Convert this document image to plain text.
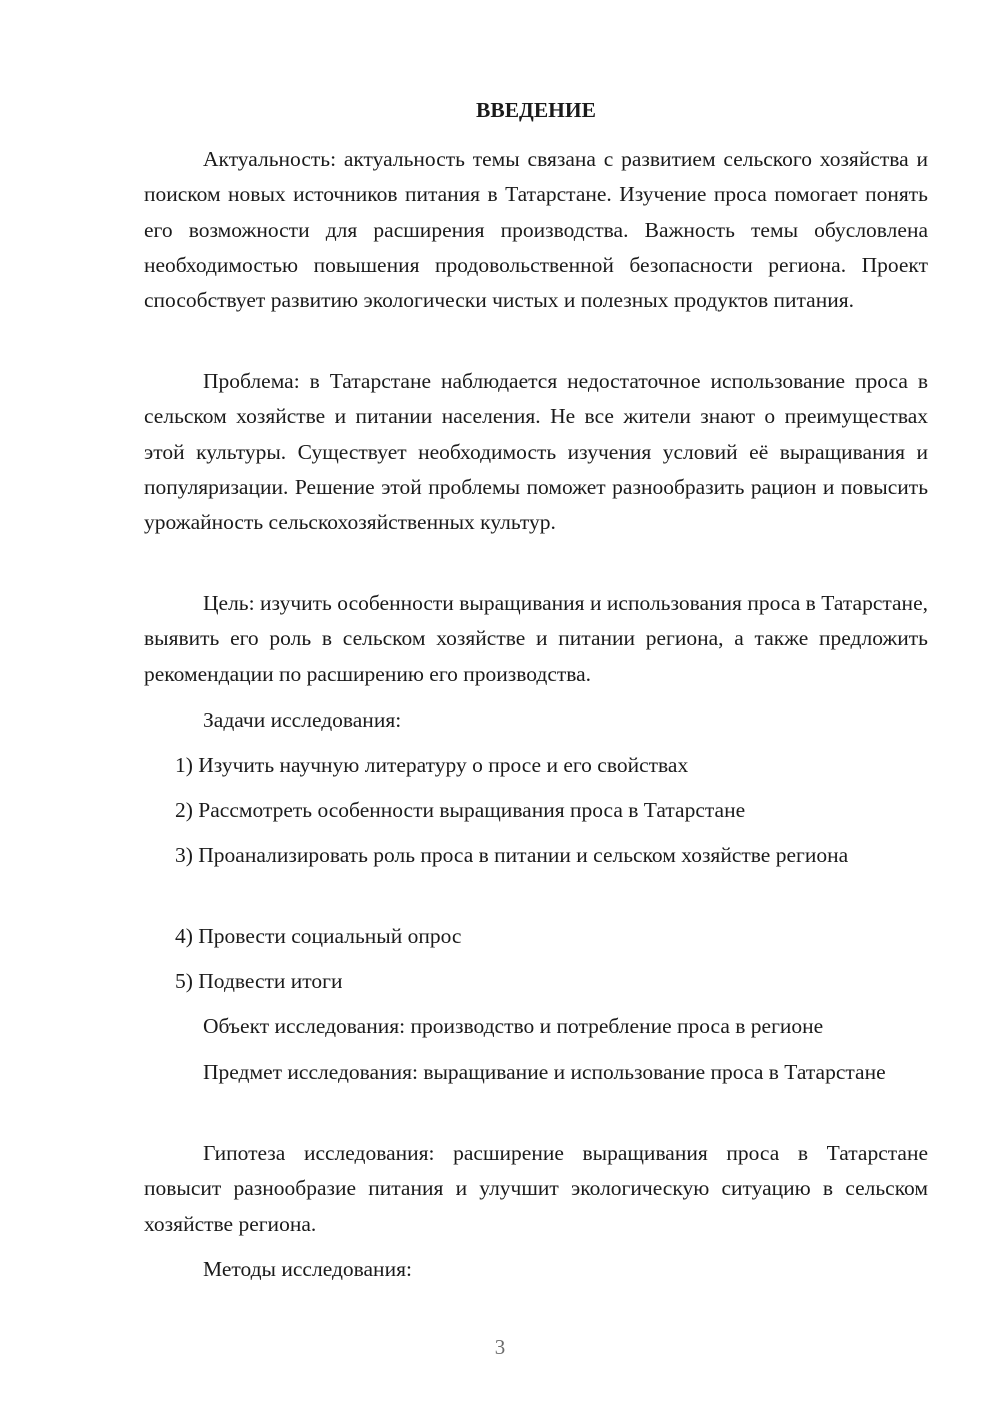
ВВЕДЕНИЕ

Актуальность: актуальность темы связана с развитием сельского хозяйства и поиском новых источников питания в Татарстане. Изучение проса помогает понять его возможности для расширения производства. Важность темы обусловлена необходимостью повышения продовольственной безопасности региона. Проект способствует развитию экологически чистых и полезных продуктов питания.

Проблема: в Татарстане наблюдается недостаточное использование проса в сельском хозяйстве и питании населения. Не все жители знают о преимуществах этой культуры. Существует необходимость изучения условий её выращивания и популяризации. Решение этой проблемы поможет разнообразить рацион и повысить урожайность сельскохозяйственных культур.

Цель: изучить особенности выращивания и использования проса в Татарстане, выявить его роль в сельском хозяйстве и питании региона, а также предложить рекомендации по расширению его производства.

Задачи исследования:

1) Изучить научную литературу о просе и его свойствах

2) Рассмотреть особенности выращивания проса в Татарстане

3) Проанализировать роль проса в питании и сельском хозяйстве региона

4) Провести социальный опрос

5) Подвести итоги

Объект исследования: производство и потребление проса в регионе

Предмет исследования: выращивание и использование проса в Татарстане

Гипотеза исследования: расширение выращивания проса в Татарстане повысит разнообразие питания и улучшит экологическую ситуацию в сельском хозяйстве региона.

Методы исследования:

3
